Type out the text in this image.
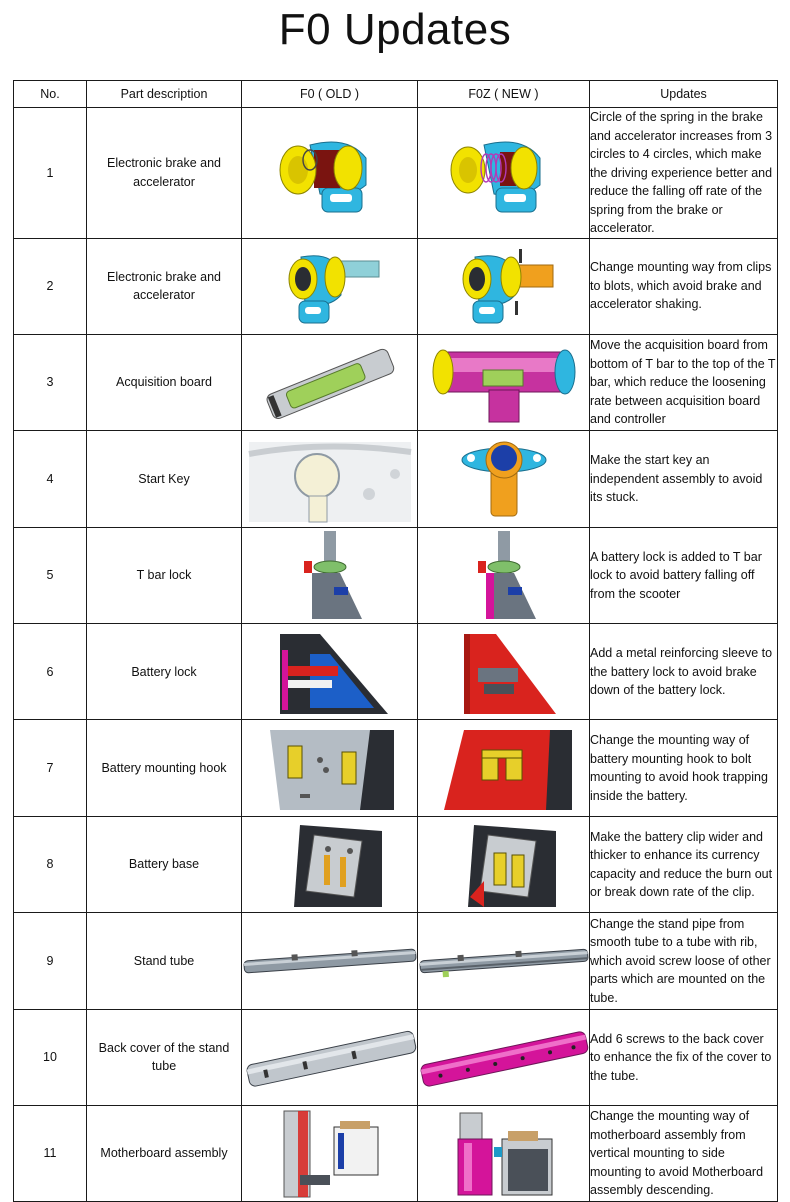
F0 Updates
No.	Part description	F0 ( OLD )	F0Z ( NEW )	Updates
1	Electronic brake and accelerator			Circle of the spring in the brake and accelerator increases from 3 circles to 4 circles, which make the driving experience better and reduce the falling off rate of the spring from the brake or accelerator.
2	Electronic brake and accelerator			Change mounting way from clips to blots, which avoid brake and accelerator shaking.
3	Acquisition board			Move the acquisition board from bottom of T bar to the top of the T bar, which reduce the loosening rate between acquisition board and controller
4	Start Key			Make the start key an independent assembly to avoid its stuck.
5	T bar lock			A battery lock is added to T bar lock to avoid battery falling off from the scooter
6	Battery lock			Add a metal reinforcing sleeve to the battery lock to avoid brake down of the battery lock.
7	Battery mounting hook			Change the mounting way of battery mounting hook to bolt mounting to avoid hook trapping inside the battery.
8	Battery base			Make the battery clip wider and thicker to enhance its currency capacity and reduce the burn out or break down rate of the clip.
9	Stand tube			Change the stand pipe from smooth tube to a tube with rib, which avoid screw loose of other parts which are mounted on the tube.
10	Back cover of the stand tube			Add 6 screws to the back cover to enhance the fix of the cover to the tube.
11	Motherboard assembly			Change the mounting way of motherboard assembly from vertical mounting to side mounting to avoid Motherboard assembly descending.
